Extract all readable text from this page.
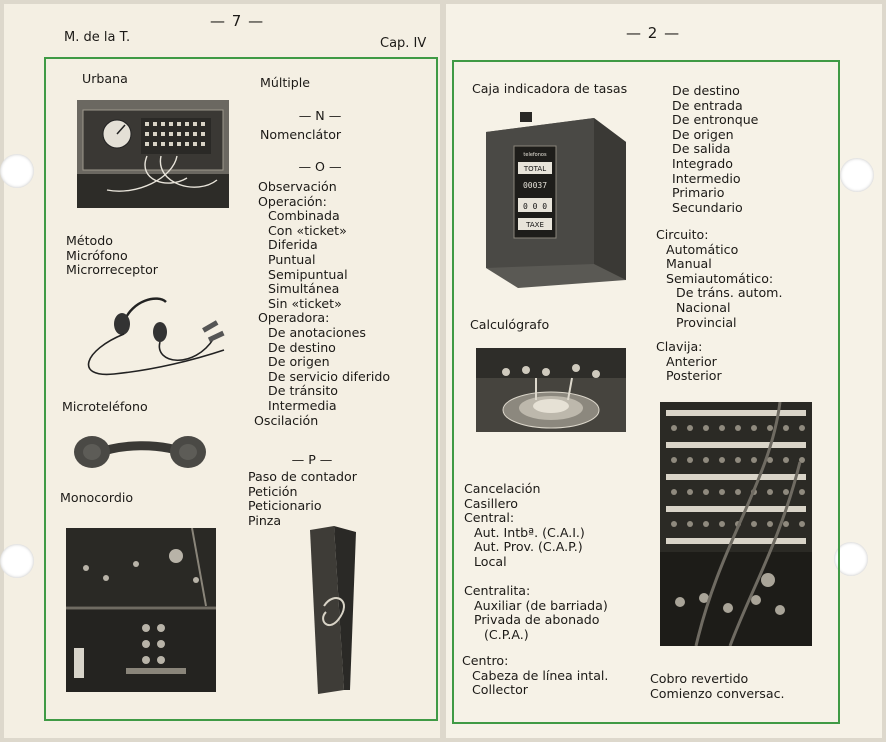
M. de la T.
— 7 —
Cap. IV
Urbana
Método
Micrófono
Microrreceptor
Microteléfono
Monocordio
Múltiple
— N —
Nomenclátor
— O —
Observación
Operación:
Combinada
Con «ticket»
Diferida
Puntual
Semipuntual
Simultánea
Sin «ticket»
Operadora:
De anotaciones
De destino
De origen
De servicio diferido
De tránsito
Intermedia
Oscilación
— P —
Paso de contador
Petición
Peticionario
Pinza
— 2 —
Caja indicadora de tasas
telefonos
TOTAL
00037
0 0 0
TAXE
Calculógrafo
Cancelación
Casillero
Central:
Aut. Intbª. (C.A.I.)
Aut. Prov. (C.A.P.)
Local
Centralita:
Auxiliar (de barriada)
Privada de abonado
(C.P.A.)
Centro:
Cabeza de línea intal.
Collector
De destino
De entrada
De entronque
De origen
De salida
Integrado
Intermedio
Primario
Secundario
Circuito:
Automático
Manual
Semiautomático:
De tráns. autom.
Nacional
Provincial
Clavija:
Anterior
Posterior
Cobro revertido
Comienzo conversac.
